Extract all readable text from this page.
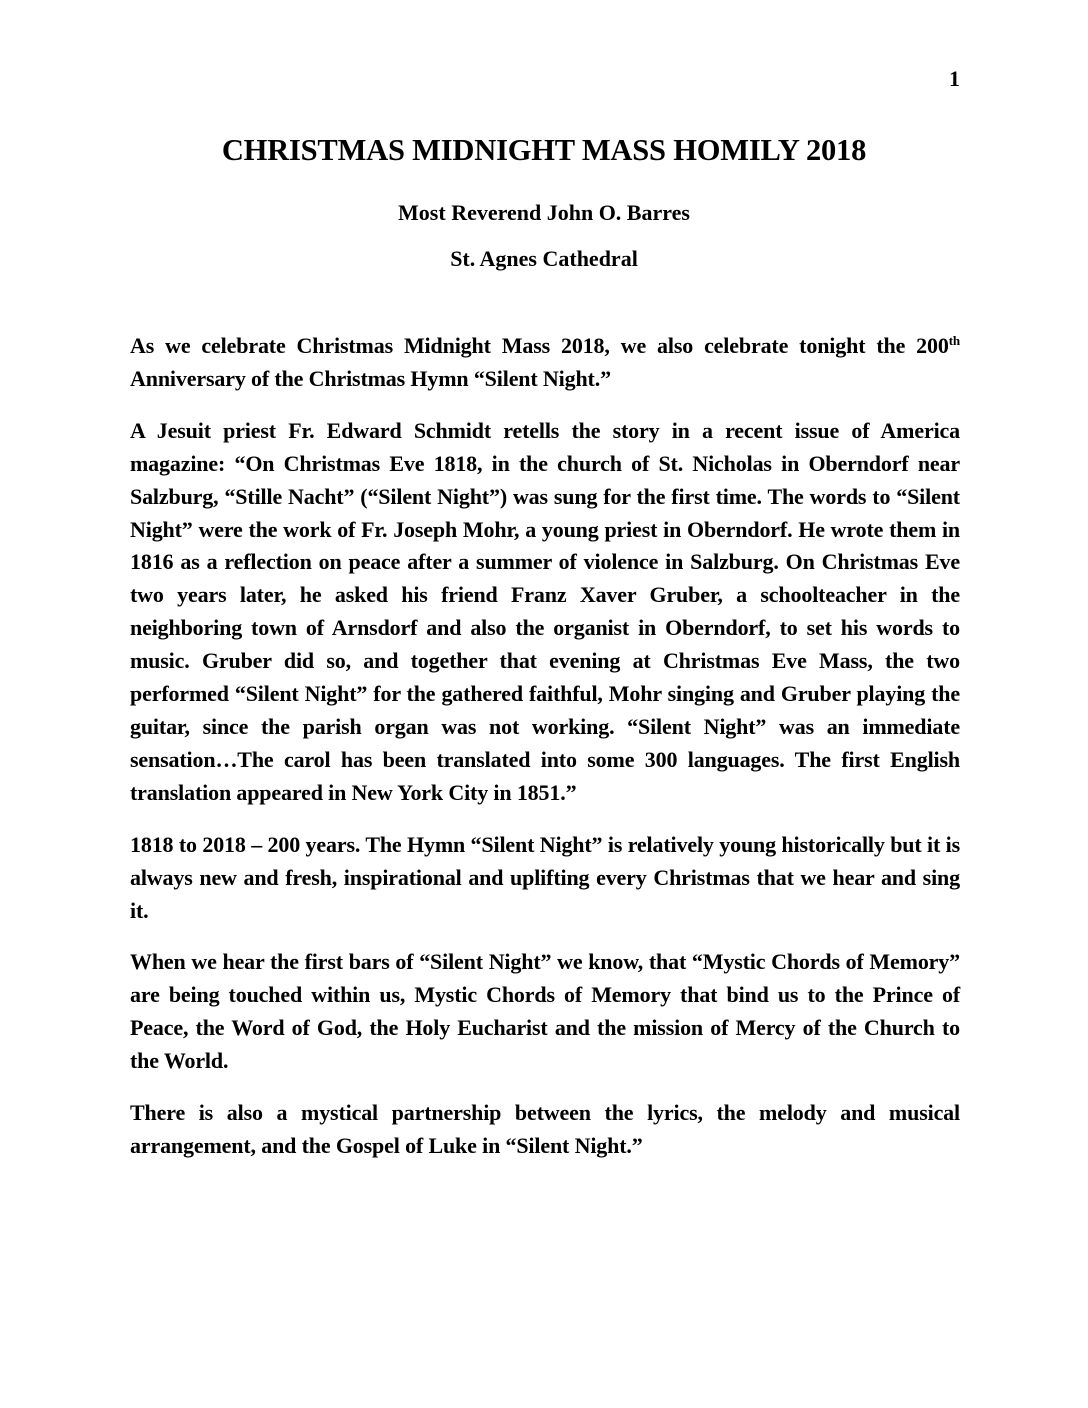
1
CHRISTMAS MIDNIGHT MASS HOMILY 2018
Most Reverend John O. Barres
St. Agnes Cathedral

As we celebrate Christmas Midnight Mass 2018, we also celebrate tonight the 200th Anniversary of the Christmas Hymn “Silent Night.”

A Jesuit priest Fr. Edward Schmidt retells the story in a recent issue of America magazine: “On Christmas Eve 1818, in the church of St. Nicholas in Oberndorf near Salzburg, “Stille Nacht” (“Silent Night”) was sung for the first time. The words to “Silent Night” were the work of Fr. Joseph Mohr, a young priest in Oberndorf. He wrote them in 1816 as a reflection on peace after a summer of violence in Salzburg. On Christmas Eve two years later, he asked his friend Franz Xaver Gruber, a schoolteacher in the neighboring town of Arnsdorf and also the organist in Oberndorf, to set his words to music. Gruber did so, and together that evening at Christmas Eve Mass, the two performed “Silent Night” for the gathered faithful, Mohr singing and Gruber playing the guitar, since the parish organ was not working. “Silent Night” was an immediate sensation…The carol has been translated into some 300 languages. The first English translation appeared in New York City in 1851.”

1818 to 2018 – 200 years. The Hymn “Silent Night” is relatively young historically but it is always new and fresh, inspirational and uplifting every Christmas that we hear and sing it.

When we hear the first bars of “Silent Night” we know, that “Mystic Chords of Memory” are being touched within us, Mystic Chords of Memory that bind us to the Prince of Peace, the Word of God, the Holy Eucharist and the mission of Mercy of the Church to the World.

There is also a mystical partnership between the lyrics, the melody and musical arrangement, and the Gospel of Luke in “Silent Night.”
